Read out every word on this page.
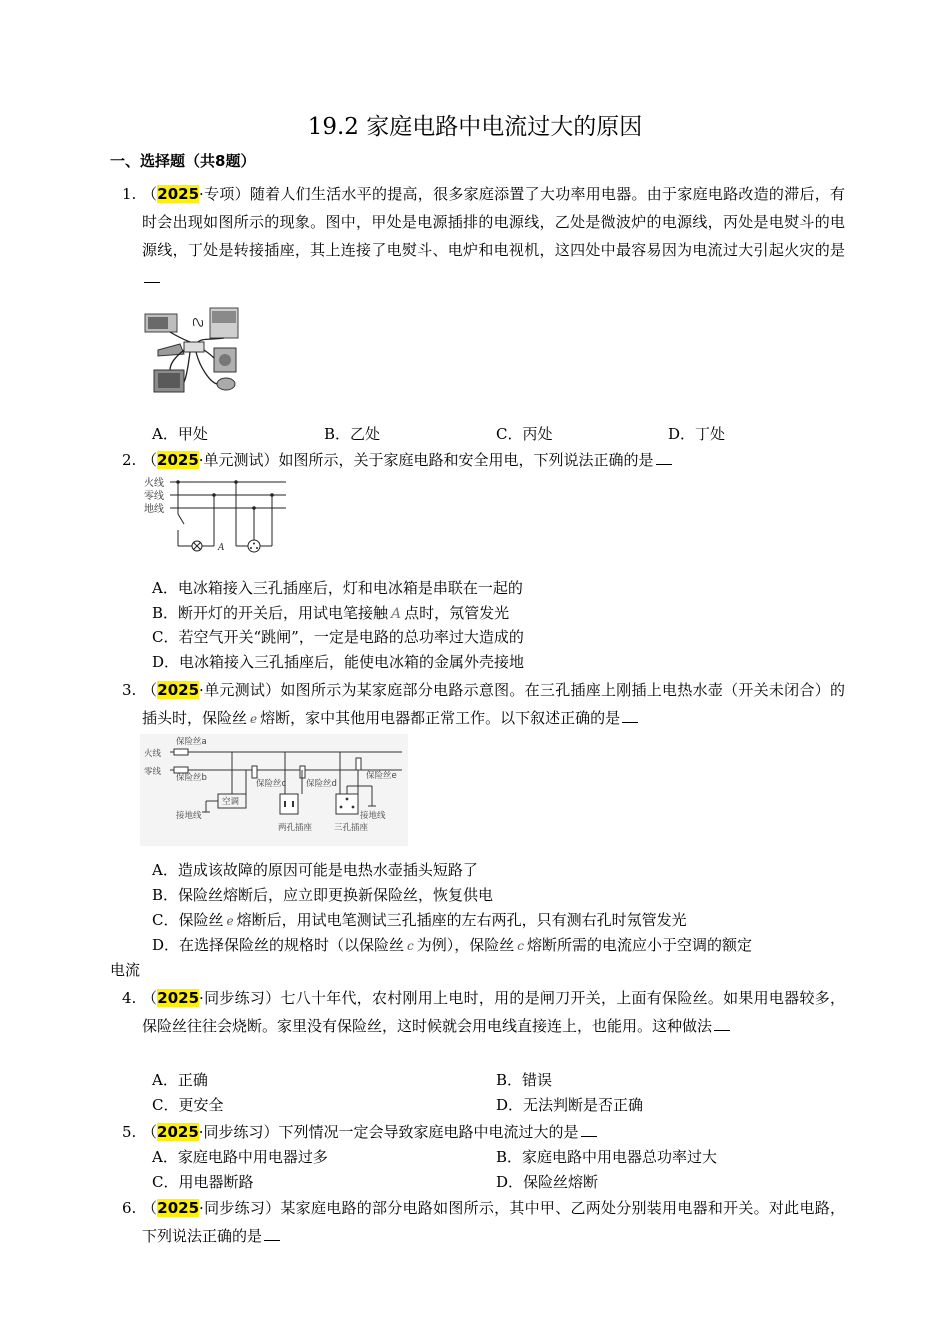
19.2 家庭电路中电流过大的原因
一、选择题（共8题）
1. （2025·专项）随着人们生活水平的提高，很多家庭添置了大功率用电器。由于家庭电路改造的滞后，有时会出现如图所示的现象。图中，甲处是电源插排的电源线，乙处是微波炉的电源线，丙处是电熨斗的电源线，丁处是转接插座，其上连接了电熨斗、电炉和电视机，这四处中最容易因为电流过大引起火灾的是
A．甲处	B．乙处	C．丙处	D．丁处
2. （2025·单元测试）如图所示，关于家庭电路和安全用电，下列说法正确的是
火线
零线
地线
A
A．电冰箱接入三孔插座后，灯和电冰箱是串联在一起的
B．断开灯的开关后，用试电笔接触 A 点时，氖管发光
C．若空气开关“跳闸”，一定是电路的总功率过大造成的
D．电冰箱接入三孔插座后，能使电冰箱的金属外壳接地
3. （2025·单元测试）如图所示为某家庭部分电路示意图。在三孔插座上刚插上电热水壶（开关未闭合）的插头时，保险丝 e 熔断，家中其他用电器都正常工作。以下叙述正确的是
火线
零线
保险丝a
保险丝b
接地线
空调
保险丝c
两孔插座
保险丝d
三孔插座
保险丝e
接地线
A．造成该故障的原因可能是电热水壶插头短路了
B．保险丝熔断后，应立即更换新保险丝，恢复供电
C．保险丝 e 熔断后，用试电笔测试三孔插座的左右两孔，只有测右孔时氖管发光
D．在选择保险丝的规格时（以保险丝 c 为例），保险丝 c 熔断所需的电流应小于空调的额定
电流
4. （2025·同步练习）七八十年代，农村刚用上电时，用的是闸刀开关，上面有保险丝。如果用电器较多，保险丝往往会烧断。家里没有保险丝，这时候就会用电线直接连上，也能用。这种做法
A．正确	B．错误
C．更安全	D．无法判断是否正确
5. （2025·同步练习）下列情况一定会导致家庭电路中电流过大的是
A．家庭电路中用电器过多	B．家庭电路中用电器总功率过大
C．用电器断路	D．保险丝熔断
6. （2025·同步练习）某家庭电路的部分电路如图所示，其中甲、乙两处分别装用电器和开关。对此电路，下列说法正确的是
